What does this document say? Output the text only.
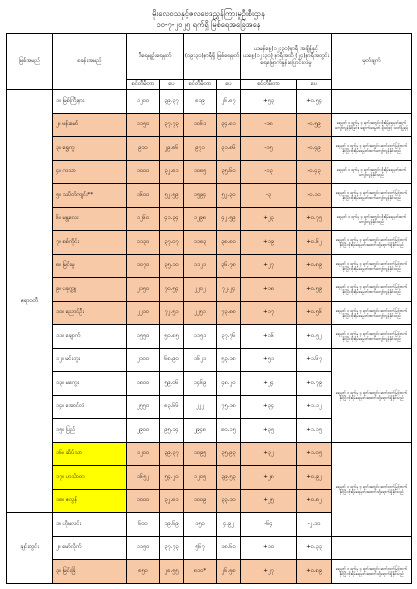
မိုးလေဝသနှင့်ဇလဗေဒညွှန်ကြားမှုဦးစီးဌာန
၁၀-၇-၂၀၂၅ ရက်ရှိ မြစ်ရေအခြေအနေ
မြစ်အမည်	စခန်းအမည်	ဒီရေမျဉ်းရေမှတ်		(၀၉:၃၀)နာရီရှိ မြစ်ရေမှတ်		ယမန်နေ့(၁၂:၃၀)နာရီ အချိန်နှင့် ယနေ့(၁၂:၃၀) နာရီအထိ (၂၄)နာရီအတွင်း ရေမြောက်နှုန်းပြောင်းလဲမှု		မှတ်ချက်
		စင်တီမီတာ	ပေ	စင်တီမီတာ	ပေ	စင်တီမီတာ	ပေ	
ဧရာဝတီ	၁။ မြစ်ကြီးနား	၁၂၀၀	၃၉.၃၇	၈၁၉	၂၆.၈၇	+၅၃	+၀.၅၄	
	၂။ ဗန်းမော်	၁၁၅၀	၃၇.၇၃	၁၀၆၁	၃၄.၈၁	-၁၈	-၀.၅၉	ရေမှတ် ၁ ရက်မှ ၄ ရက်အတွင်း စိုးရိမ်ရေမှတ်ထက်ကျော်လွန်နိုင်ခြင်း၊ ချောက်ရေမှတ် ရှိသဖြင့် သတိပြုရန်
	၃။ ရွှေကူ	၉၁၀	၂၉.၈၆	၉၇၁	၃၁.၈၆	-၁၅	-၀.၄၉	ရေမှတ် ၁ ရက်မှ ၄ ရက်အတွင်း ဆက်လက်မြင့်တက်နိုင်ပြီး စိုးရိမ်ရေမှတ်ထက်ကျော်လွန်နိုင်သည်
	၄။ ကသာ	၁၀၀၀	၃၂.၈၁	၁၀၈၅	၃၅.၆၀	-၁၃	-၀.၄၃	ရေမှတ် ၁ ရက်မှ ၄ ရက်အတွင်း စိုးရိမ်ရေမှတ်ထက်ကျော်လွန်နိုင်သည်
	၅။ သပိတ်ကျင်း**	၁၆၀၀	၅၂.၅၉	၁၅၉၄	၅၂.၃၀	-၃	-၀.၁၀	ရေမှတ် ၁ ရက်မှ ၄ ရက်အတွင်း ဆက်လက်မြင့်တက်နိုင်ပြီး စိုးရိမ်ရေမှတ်ထက်ကျော်လွန်နိုင်သည်
	၆။ မန္တလေး	၁၂၆၀	၄၁.၃၄	၁၂၉၈	၄၂.၅၉	+၂၃	+၀.၇၅	ရေမှတ် ၁ ရက်မှ ၄ ရက်အတွင်း စိုးရိမ်ရေမှတ်ထက်ကျော်လွန်နိုင်သည်
	၇။ စစ်ကိုင်း	၁၁၃၀	၃၇.၀၇	၁၁၈၃	၃၈.၈၀	+၁၉	+၀.၆၂	ရေမှတ် ၁ ရက်မှ ၄ ရက်အတွင်း ဆက်လက်မြင့်တက်နိုင်ပြီး စိုးရိမ်ရေမှတ်အထက်သို့ရောက်ရှိနိုင်သည်
	၈။ မြင်းမူ	၁၀၇၀	၃၅.၁၀	၁၁၂၁	၃၆.၇၈	+၂၇	+၀.၈၉	ရေမှတ် ၁ ရက်မှ ၄ ရက်အတွင်း ဆက်လက်မြင့်တက်နိုင်ပြီး စိုးရိမ်ရေမှတ်ထက်ကျော်လွန်နိုင်သည်
	၉။ ပခုက္ကူ	၂၁၅၀	၇၀.၅၄	၂၂၀၂	၇၂.၂၄	+၁၈	+၀.၅၉	ရေမှတ် ၁ ရက်မှ ၄ ရက်အတွင်း ဆက်လက်မြင့်တက်နိုင်ပြီး စိုးရိမ်ရေမှတ်ထက်ကျော်လွန်နိုင်သည်
	၁၀။ ညောင်ဦး	၂၂၁၀	၇၂.၅၁	၂၂၅၁	၇၃.၈၈	+၁၇	+၀.၅၆	ရေမှတ် ၁ ရက်မှ ၄ ရက်အတွင်း ဆက်လက်မြင့်တက်နိုင်ပြီး စိုးရိမ်ရေမှတ်ထက်ကျော်လွန်နိုင်သည်
	၁၁။ ချောက်	၁၅၅၀	၅၀.၈၅	၁၁၅၁	၃၇.၇၆	+၁၆	+၀.၅၂	ရေမှတ် ၁ ရက်မှ ၄ ရက်အတွင်း ဆက်လက်မြင့်တက်နိုင်ပြီး စိုးရိမ်ရေမှတ်ထက်ကျော်လွန်နိုင်သည်
	၁၂။ မင်းဘူး	၂၁၀၀	၆၈.၉၀	၁၆၂၁	၅၃.၁၈	+၅၁	+၁.၆၇	ရေမှတ် ၁ ရက်မှ ၄ ရက်အတွင်း ဆက်လက်မြင့်တက်နိုင်ပြီး စိုးရိမ်ရေမှတ်အထက်သို့ရောက်ရှိနိုင်သည်
	၁၃။ မကွေး	၁၈၀၀	၅၉.၀၆	၁၄၆၉	၄၈.၂၀	+၂၄	+၀.၇၉	
	၁၄။ အောင်လံ	၂၅၅၀	၈၃.၆၆	၂၂၂	၇၅.၁၈	+၃၄	+၁.၁၂	
	၁၅။ ပြည်	၂၉၀၀	၉၅.၁၄	၂၉၄၈	၈၀.၁၅	+၃၅	+၁.၁၅	
	၁၆။ ဆိပ်သာ	၁၂၀၀	၃၉.၃၇	၁၀၉၅	၃၅.၉၃	+၃၂	+၁.၀၅	ရေမှတ် ၁ ရက်မှ ၄ ရက်အတွင်း ဆက်လက်မြင့်တက်နိုင်ပြီး စိုးရိမ်ရေမှတ်အထက်သို့ရောက်ရှိနိုင်သည်
	၁၇။ ဟင်္သာတ	၁၆၅၂	၅၄.၂၀	၁၂၀၅	၃၉.၅၃	+၂၈	+၀.၉၂	
	၁၈။ ဇလွန်	၁၀၀၀	၃၂.၈၁	၁၀၀၉	၃၃.၁၀	+၂၅	+၀.၈၂	
ချင်းတွင်း	၁။ ဟိုမလင်း	၆၀၀	၁၉.၆၉	၁၅၀	၄.၉၂	-၆၄	-၂.၁၀	
	၂။ မော်လိုက်	၁၁၅၀	၃၇.၇၃	၅၆၇	၁၈.၆၀	+၁၀	+၀.၃၃	
	၃။ မြင်းခြံ	၈၅၀	၂၈.၅၅	၈၁၀*	၂၆.၅၈	+၂၇	+၀.၈၉	ရေမှတ် ၁ ရက်မှ ၄ ရက်အတွင်း ဆက်လက်မြင့်တက်နိုင်ပြီး စိုးရိမ်ရေမှတ်အထက်သို့ရောက်ရှိနိုင်သည်
